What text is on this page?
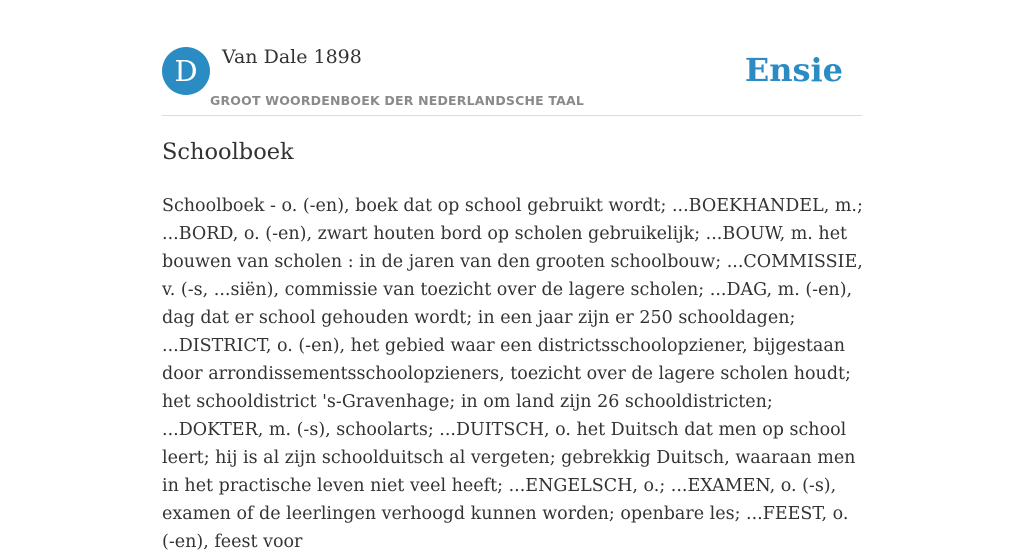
D	Van Dale 1898
GROOT WOORDENBOEK DER NEDERLANDSCHE TAAL
Ensie
Schoolboek

Schoolboek - o. (-en), boek dat op school gebruikt wordt; ...BOEKHANDEL, m.; ...BORD, o. (-en), zwart houten bord op scholen gebruikelijk; ...BOUW, m. het bouwen van scholen : in de jaren van den grooten schoolbouw; ...COMMISSIE, v. (-s, ...siën), commissie van toezicht over de lagere scholen; ...DAG, m. (-en), dag dat er school gehouden wordt; in een jaar zijn er 250 schooldagen; ...DISTRICT, o. (-en), het gebied waar een districtsschoolopziener, bijgestaan door arrondissementsschoolopzieners, toezicht over de lagere scholen houdt; het schooldistrict 's-Gravenhage; in om land zijn 26 schooldistricten; ...DOKTER, m. (-s), schoolarts; ...DUITSCH, o. het Duitsch dat men op school leert; hij is al zijn schoolduitsch al vergeten; gebrekkig Duitsch, waaraan men in het practische leven niet veel heeft; ...ENGELSCH, o.; ...EXAMEN, o. (-s), examen of de leerlingen verhoogd kunnen worden; openbare les; ...FEEST, o. (-en), feest voor
